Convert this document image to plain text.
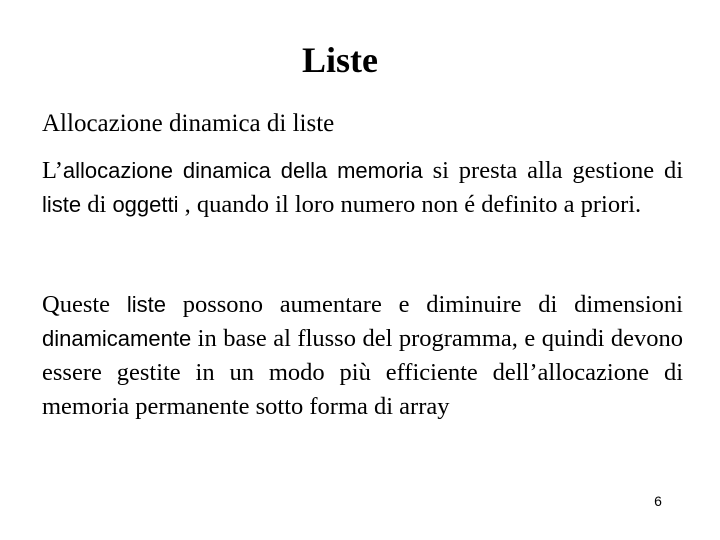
Liste
Allocazione dinamica di liste
L’allocazione dinamica della memoria si presta alla gestione di liste di oggetti , quando il loro numero non é definito a priori.
Queste liste possono aumentare e diminuire di dimensioni dinamicamente in base al flusso del programma, e quindi devono essere gestite in un modo più efficiente dell’allocazione di memoria permanente sotto forma di array
6
